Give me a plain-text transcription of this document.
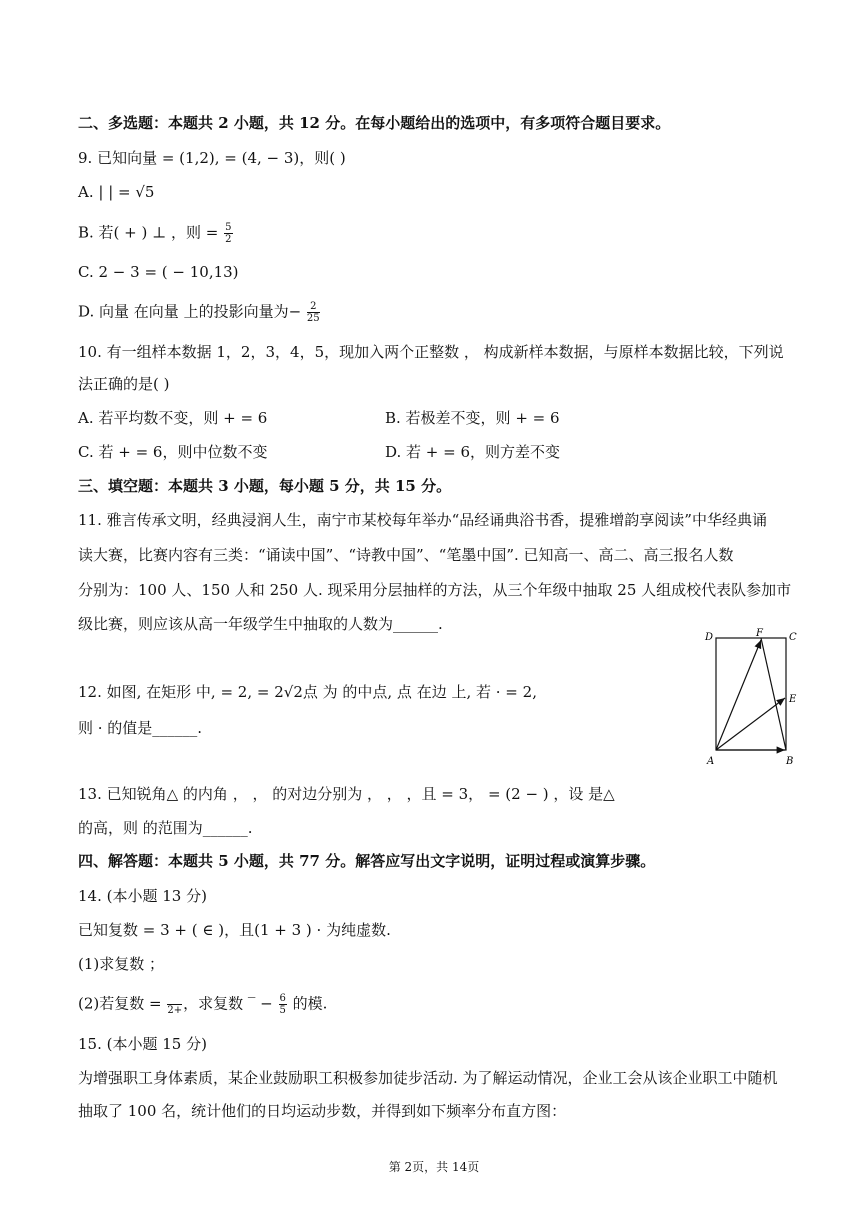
二、多选题：本题共 2 小题，共 12 分。在每小题给出的选项中，有多项符合题目要求。
9. 已知向量 = (1,2), = (4, − 3)，则( )
A. | | = √5
B. 若( + ) ⊥ ，则 = $\frac{5}{2}$
C. 2 − 3 = ( − 10,13)
D. 向量 在向量 上的投影向量为− $\frac{2}{25}$
10. 有一组样本数据 1，2，3，4，5，现加入两个正整数 ， 构成新样本数据，与原样本数据比较，下列说
法正确的是( )
A. 若平均数不变，则 + = 6	B. 若极差不变，则 + = 6
C. 若 + = 6，则中位数不变	D. 若 + = 6，则方差不变
三、填空题：本题共 3 小题，每小题 5 分，共 15 分。
11. 雅言传承文明，经典浸润人生，南宁市某校每年举办“品经诵典浴书香，提雅增韵享阅读”中华经典诵
读大赛，比赛内容有三类：“诵读中国”、“诗教中国”、“笔墨中国”. 已知高一、高二、高三报名人数
分别为：100 人、150 人和 250 人. 现采用分层抽样的方法，从三个年级中抽取 25 人组成校代表队参加市
级比赛，则应该从高一年级学生中抽取的人数为______.
12. 如图, 在矩形 中, = 2, = 2√2点 为 的中点, 点 在边 上, 若 · = 2,
则 · 的值是______.
D	F	C
E
A	B
13. 已知锐角△ 的内角 ， ， 的对边分别为 ， ， ，且 = 3， = (2 − ) ，设 是△
的高，则 的范围为______.
四、解答题：本题共 5 小题，共 77 分。解答应写出文字说明，证明过程或演算步骤。
14. (本小题 13 分)
已知复数 = 3 + ( ∈ )，且(1 + 3 ) · 为纯虚数.
(1)求复数 ；
(2)若复数 = 2+ ，求复数 ‾ − $\frac{6}{5}$ 的模.
15. (本小题 15 分)
为增强职工身体素质，某企业鼓励职工积极参加徒步活动. 为了解运动情况，企业工会从该企业职工中随机
抽取了 100 名，统计他们的日均运动步数，并得到如下频率分布直方图：
第 2页，共 14页
